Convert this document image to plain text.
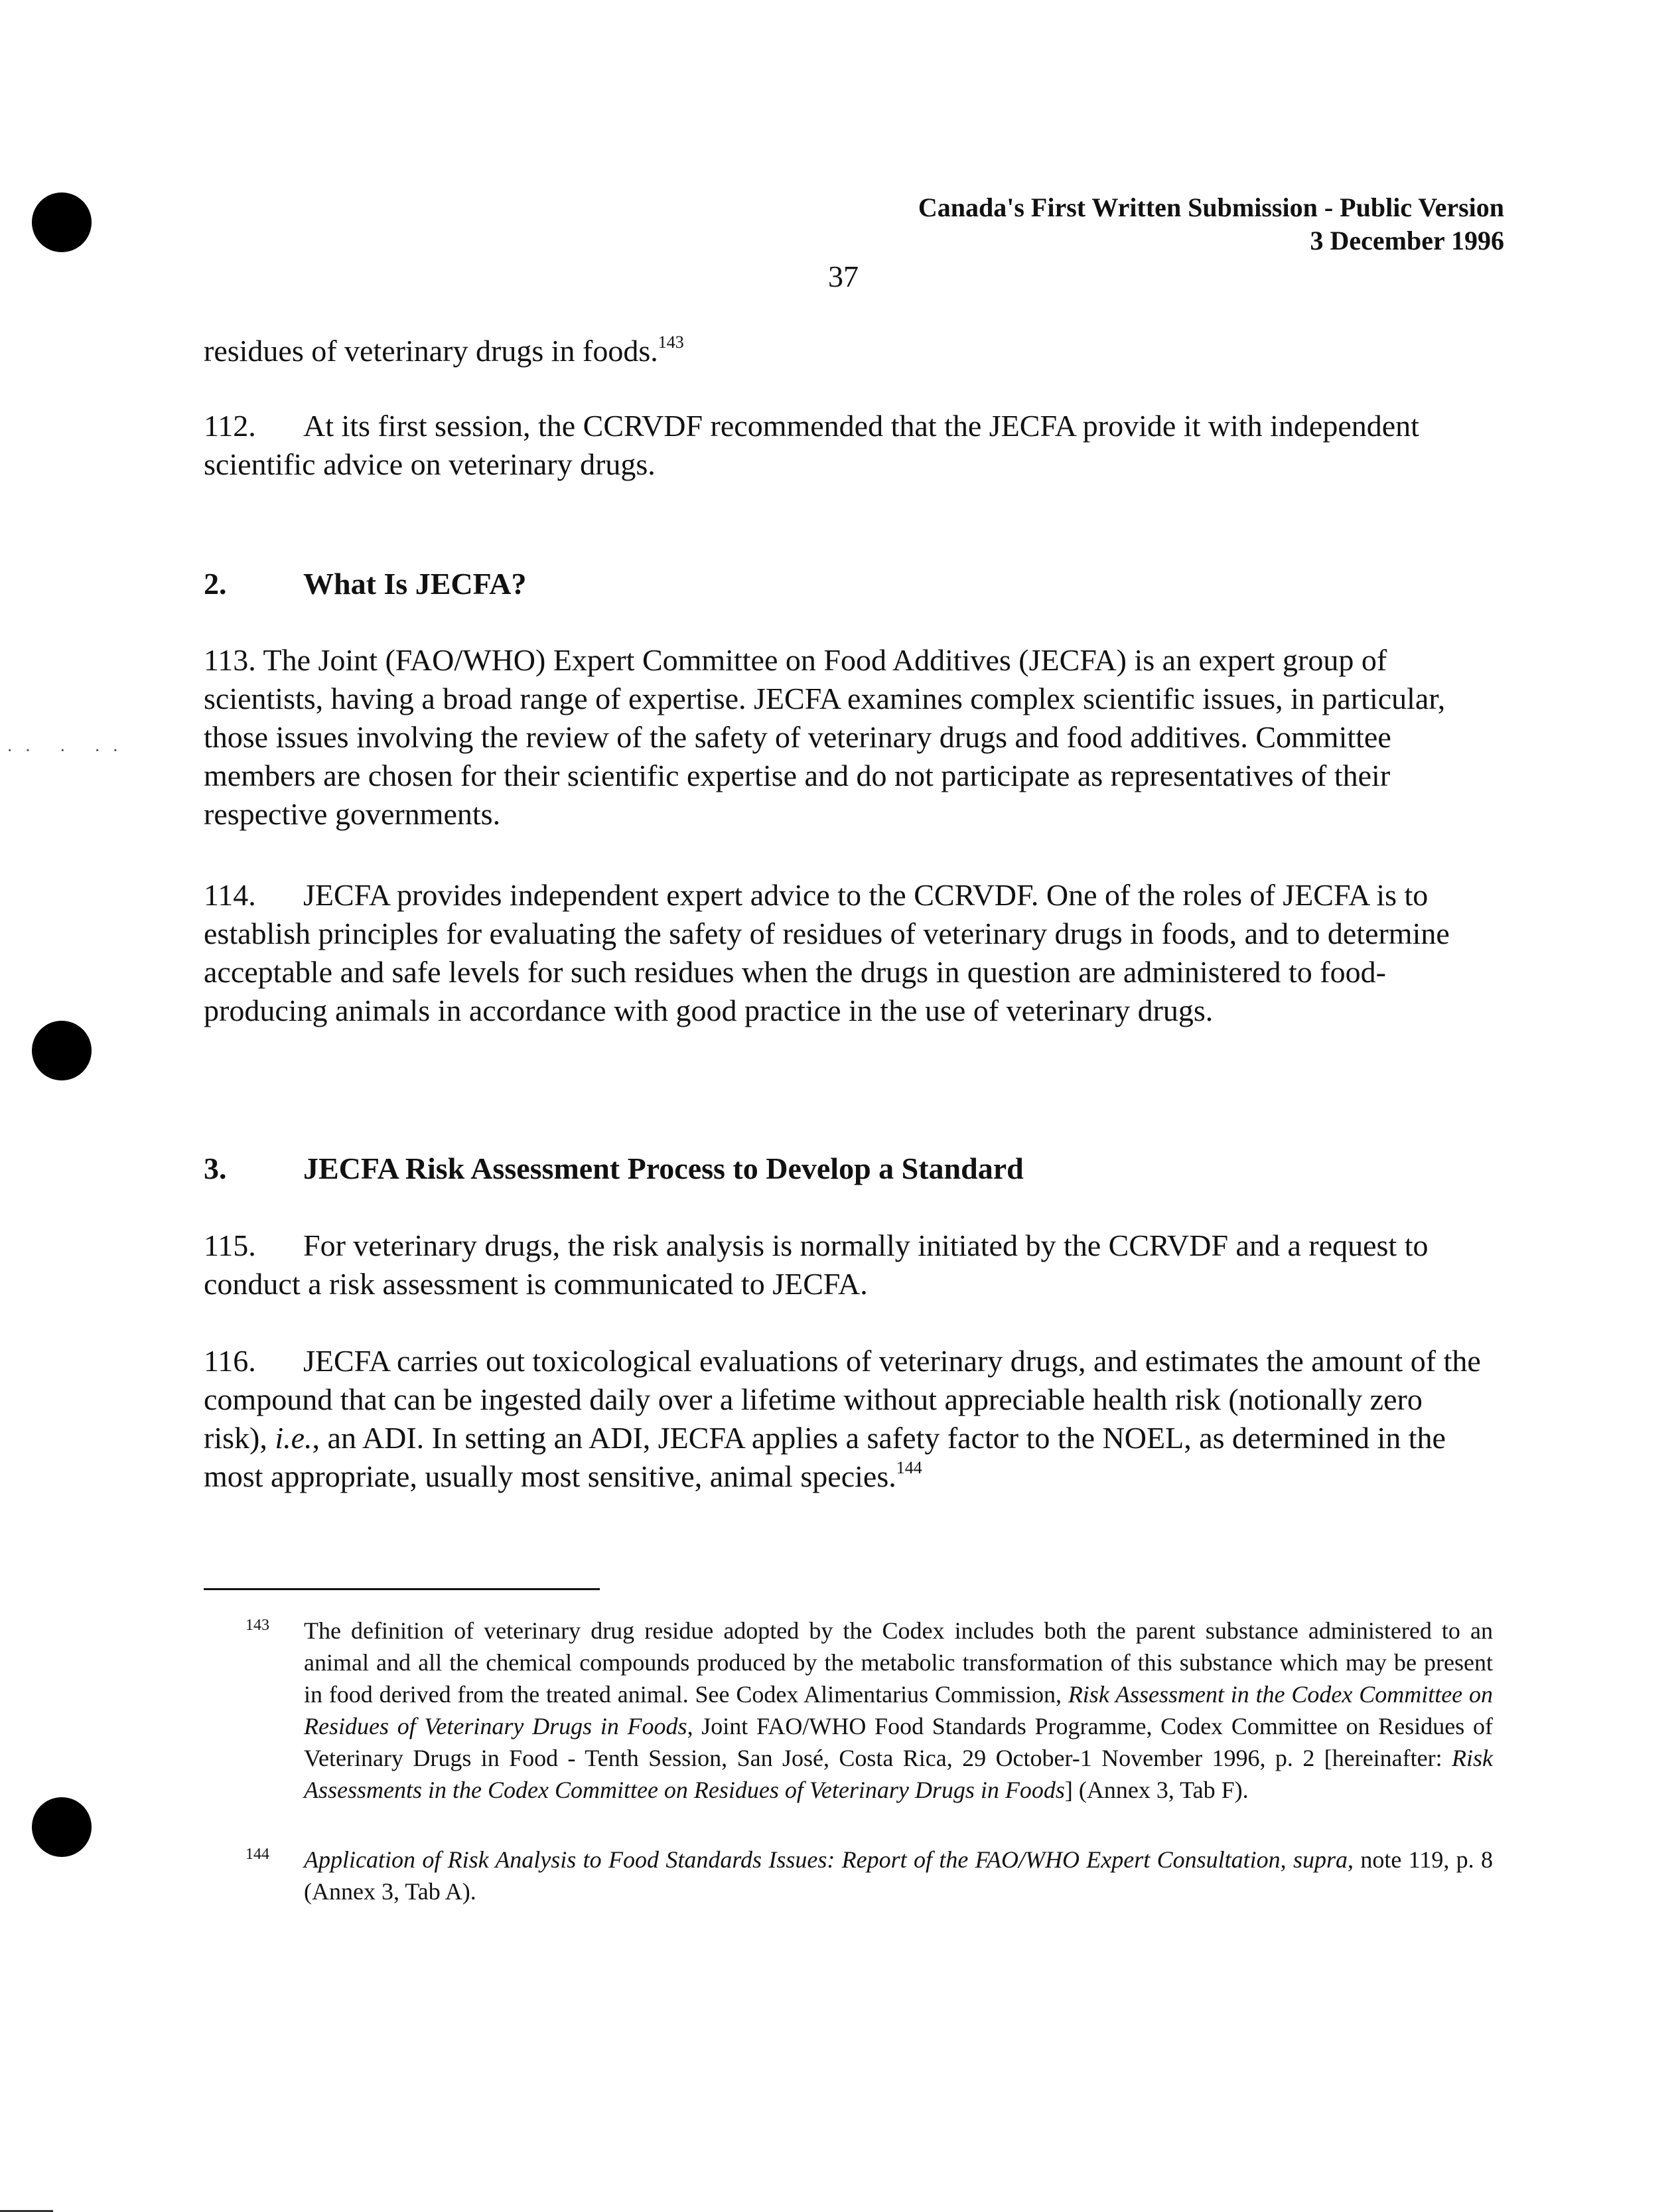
·· · ··
Canada's First Written Submission - Public Version
3 December 1996
37

residues of veterinary drugs in foods.$^{143}$

112. At its first session, the CCRVDF recommended that the JECFA provide it with independent scientific advice on veterinary drugs.

2.	What Is JECFA?

113. The Joint (FAO/WHO) Expert Committee on Food Additives (JECFA) is an expert group of scientists, having a broad range of expertise. JECFA examines complex scientific issues, in particular, those issues involving the review of the safety of veterinary drugs and food additives. Committee members are chosen for their scientific expertise and do not participate as representatives of their respective governments.

114. JECFA provides independent expert advice to the CCRVDF. One of the roles of JECFA is to establish principles for evaluating the safety of residues of veterinary drugs in foods, and to determine acceptable and safe levels for such residues when the drugs in question are administered to food-producing animals in accordance with good practice in the use of veterinary drugs.

3.	JECFA Risk Assessment Process to Develop a Standard

115. For veterinary drugs, the risk analysis is normally initiated by the CCRVDF and a request to conduct a risk assessment is communicated to JECFA.

116. JECFA carries out toxicological evaluations of veterinary drugs, and estimates the amount of the compound that can be ingested daily over a lifetime without appreciable health risk (notionally zero risk), i.e., an ADI. In setting an ADI, JECFA applies a safety factor to the NOEL, as determined in the most appropriate, usually most sensitive, animal species.$^{144}$

143 The definition of veterinary drug residue adopted by the Codex includes both the parent substance administered to an animal and all the chemical compounds produced by the metabolic transformation of this substance which may be present in food derived from the treated animal. See Codex Alimentarius Commission, Risk Assessment in the Codex Committee on Residues of Veterinary Drugs in Foods, Joint FAO/WHO Food Standards Programme, Codex Committee on Residues of Veterinary Drugs in Food - Tenth Session, San José, Costa Rica, 29 October-1 November 1996, p. 2 [hereinafter: Risk Assessments in the Codex Committee on Residues of Veterinary Drugs in Foods] (Annex 3, Tab F).

144 Application of Risk Analysis to Food Standards Issues: Report of the FAO/WHO Expert Consultation, supra, note 119, p. 8 (Annex 3, Tab A).
